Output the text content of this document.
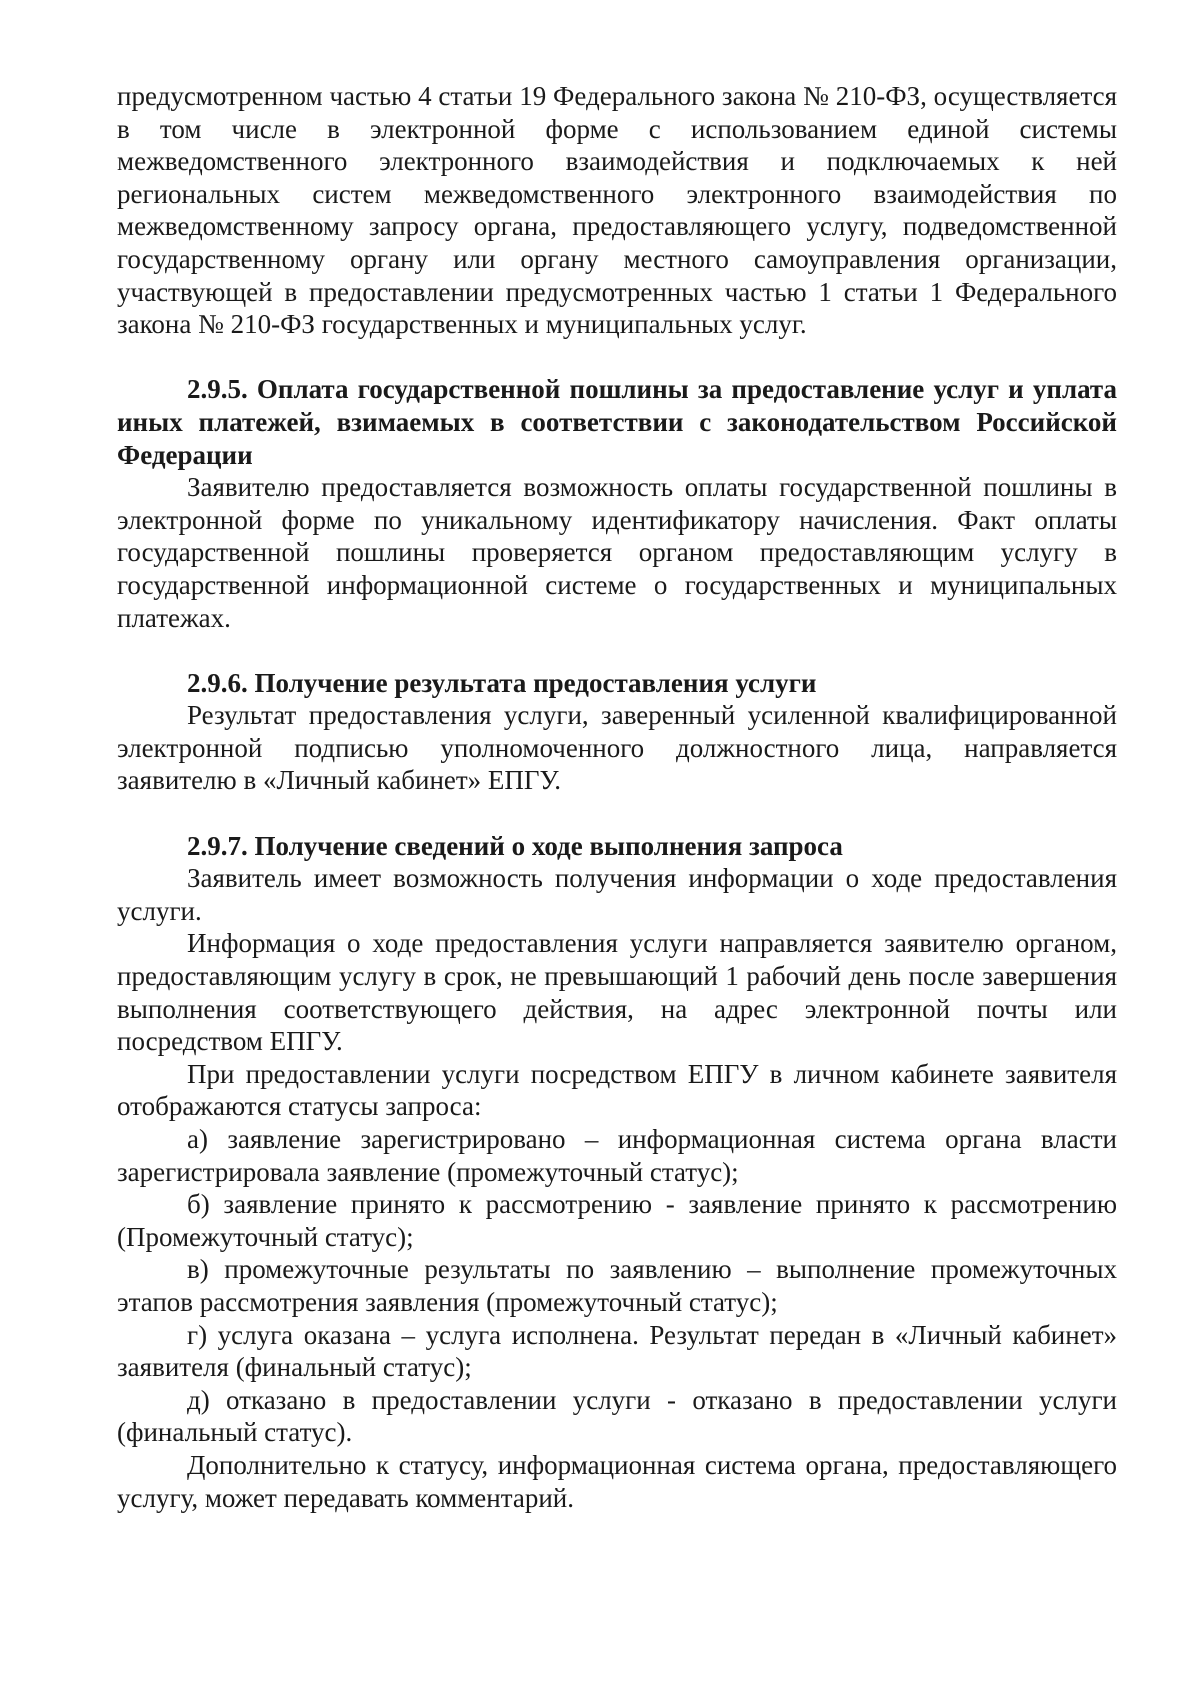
предусмотренном частью 4 статьи 19 Федерального закона № 210-ФЗ, осуществляется в том числе в электронной форме с использованием единой системы межведомственного электронного взаимодействия и подключаемых к ней региональных систем межведомственного электронного взаимодействия по межведомственному запросу органа, предоставляющего услугу, подведомственной государственному органу или органу местного самоуправления организации, участвующей в предоставлении предусмотренных частью 1 статьи 1 Федерального закона № 210-ФЗ государственных и муниципальных услуг.

2.9.5. Оплата государственной пошлины за предоставление услуг и уплата иных платежей, взимаемых в соответствии с законодательством Российской Федерации

Заявителю предоставляется возможность оплаты государственной пошлины в электронной форме по уникальному идентификатору начисления. Факт оплаты государственной пошлины проверяется органом предоставляющим услугу в государственной информационной системе о государственных и муниципальных платежах.

2.9.6. Получение результата предоставления услуги

Результат предоставления услуги, заверенный усиленной квалифицированной электронной подписью уполномоченного должностного лица, направляется заявителю в «Личный кабинет» ЕПГУ.

2.9.7. Получение сведений о ходе выполнения запроса

Заявитель имеет возможность получения информации о ходе предоставления услуги.

Информация о ходе предоставления услуги направляется заявителю органом, предоставляющим услугу в срок, не превышающий 1 рабочий день после завершения выполнения соответствующего действия, на адрес электронной почты или посредством ЕПГУ.

При предоставлении услуги посредством ЕПГУ в личном кабинете заявителя отображаются статусы запроса:

а) заявление зарегистрировано – информационная система органа власти зарегистрировала заявление (промежуточный статус);

б) заявление принято к рассмотрению - заявление принято к рассмотрению (Промежуточный статус);

в) промежуточные результаты по заявлению – выполнение промежуточных этапов рассмотрения заявления (промежуточный статус);

г) услуга оказана – услуга исполнена. Результат передан в «Личный кабинет» заявителя (финальный статус);

д) отказано в предоставлении услуги - отказано в предоставлении услуги (финальный статус).

Дополнительно к статусу, информационная система органа, предоставляющего услугу, может передавать комментарий.
